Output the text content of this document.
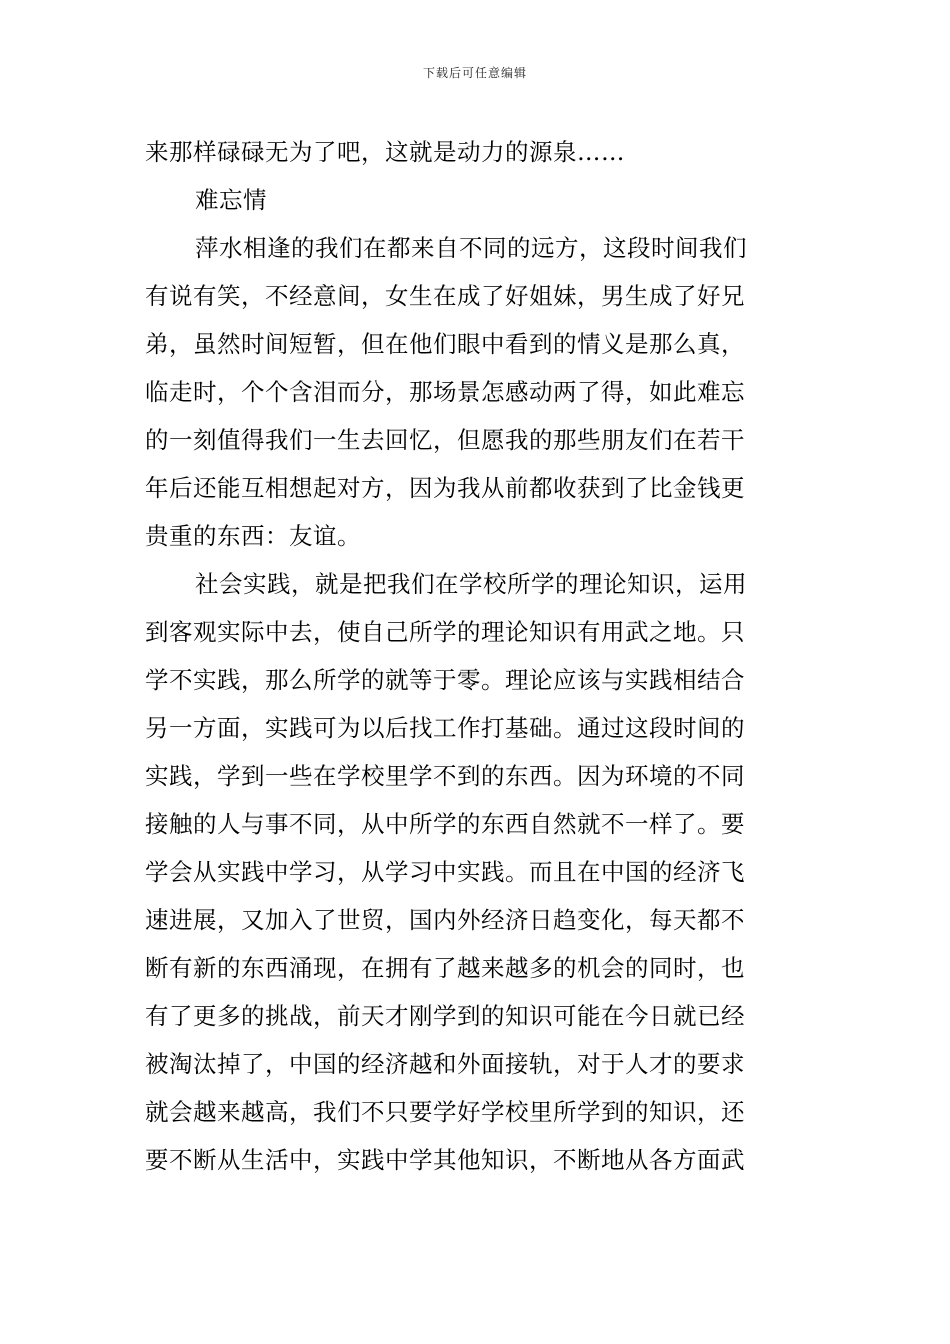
下载后可任意编辑
来那样碌碌无为了吧，这就是动力的源泉……
难忘情
萍水相逢的我们在都来自不同的远方，这段时间我们
有说有笑，不经意间，女生在成了好姐妹，男生成了好兄
弟，虽然时间短暂，但在他们眼中看到的情义是那么真，
临走时，个个含泪而分，那场景怎感动两了得，如此难忘
的一刻值得我们一生去回忆，但愿我的那些朋友们在若干
年后还能互相想起对方，因为我从前都收获到了比金钱更
贵重的东西：友谊。
社会实践，就是把我们在学校所学的理论知识，运用
到客观实际中去，使自己所学的理论知识有用武之地。只
学不实践，那么所学的就等于零。理论应该与实践相结合
另一方面，实践可为以后找工作打基础。通过这段时间的
实践，学到一些在学校里学不到的东西。因为环境的不同
接触的人与事不同，从中所学的东西自然就不一样了。要
学会从实践中学习，从学习中实践。而且在中国的经济飞
速进展，又加入了世贸，国内外经济日趋变化，每天都不
断有新的东西涌现，在拥有了越来越多的机会的同时，也
有了更多的挑战，前天才刚学到的知识可能在今日就已经
被淘汰掉了，中国的经济越和外面接轨，对于人才的要求
就会越来越高，我们不只要学好学校里所学到的知识，还
要不断从生活中，实践中学其他知识，不断地从各方面武
